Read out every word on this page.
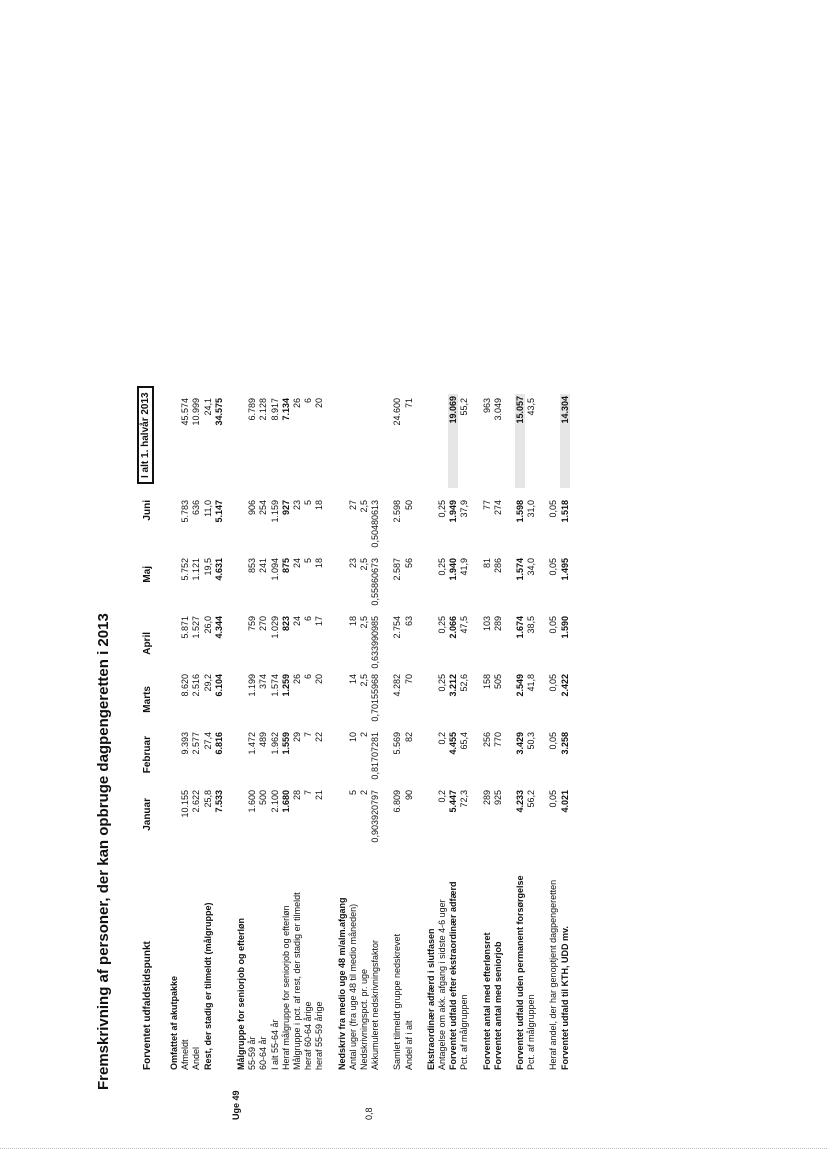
Fremskrivning af personer, der kan opbruge dagpengeretten i 2013	Forventet udfaldstidspunkt
Uge 49
Januar
Februar
Marts
April
Maj
Juni
I alt 1. halvår 2013
Omfattet af akutpakke Afmeldt
10.155
9.393
8.620
5.871
5.752
5.783
45.574
Andel
2.622
2.577
2.516
1.527
1.121
636
10.999
Rest, der stadig er tilmeldt (målgruppe)
25,8
27,4
29,2
26,0
19,5
11,0
24,1
7.533
6.816
6.104
4.344
4.631
5.147
34.575
Målgruppe for seniorjob og efterløn 55-59 år
1.600
1.472
1.199
759
853
906
6.789
60-64 år
500
489
374
270
241
254
2.128
I alt 55-64 år
2.100
1.962
1.574
1.029
1.094
1.159
8.917
Heraf målgruppe for seniorjob og efterløn
1.680
1.559
1.259
823
875
927
7.134
Målgruppe i pct. af rest, der stadig er tilmeldt
28
29
26
24
24
23
26
heraf 60-64 årige
7
7
6
6
5
5
6
heraf 55-59 årige
21
22
20
17
18
18
20
Nedskriv fra medio uge 48 m/alm.afgang Antal uger (fra uge 48 til medio måneden)
5
10
14
18
23
27
Nedskrivningspct. pr. uge
2
2
2,5
2,5
2,5
2,5
Akkumuleret nedskrivningsfaktor
0,903920797
0,81707281
0,70155968
0,633990985
0,55860673
0,50480613
Samlet tilmeldt gruppe nedskrevet
6.809
5.569
4.282
2.754
2.587
2.598
24.600
Andel af i alt
90
82
70
63
56
50
71
Ekstraordinær adfærd i slutfasen Antagelse om akk. afgang i sidste 4-6 uger
0,2
0,2
0,25
0,25
0,25
0,25
Forventet udfald efter ekstraordinær adfærd
5.447
4.455
3.212
2.066
1.940
1.949
19.069
Pct. af målgruppen
72,3
65,4
52,6
47,5
41,9
37,9
55,2
Forventet antal med efterlønsret
289
256
158
103
81
77
963
Forventet antal med seniorjob
925
770
505
289
286
274
3.049
Forventet udfald uden permanent forsørgelse
4.233
3.429
2.549
1.674
1.574
1.598
15.057
Pct. af målgruppen
56,2
50,3
41,8
38,5
34,0
31,0
43,5
Heraf andel, der har genoptjent dagpengeretten
0,05
0,05
0,05
0,05
0,05
0,05
Forventet udfald til KTH, UDD mv.
4.021
3.258
2.422
1.590
1.495
1.518
14.304
0,8
